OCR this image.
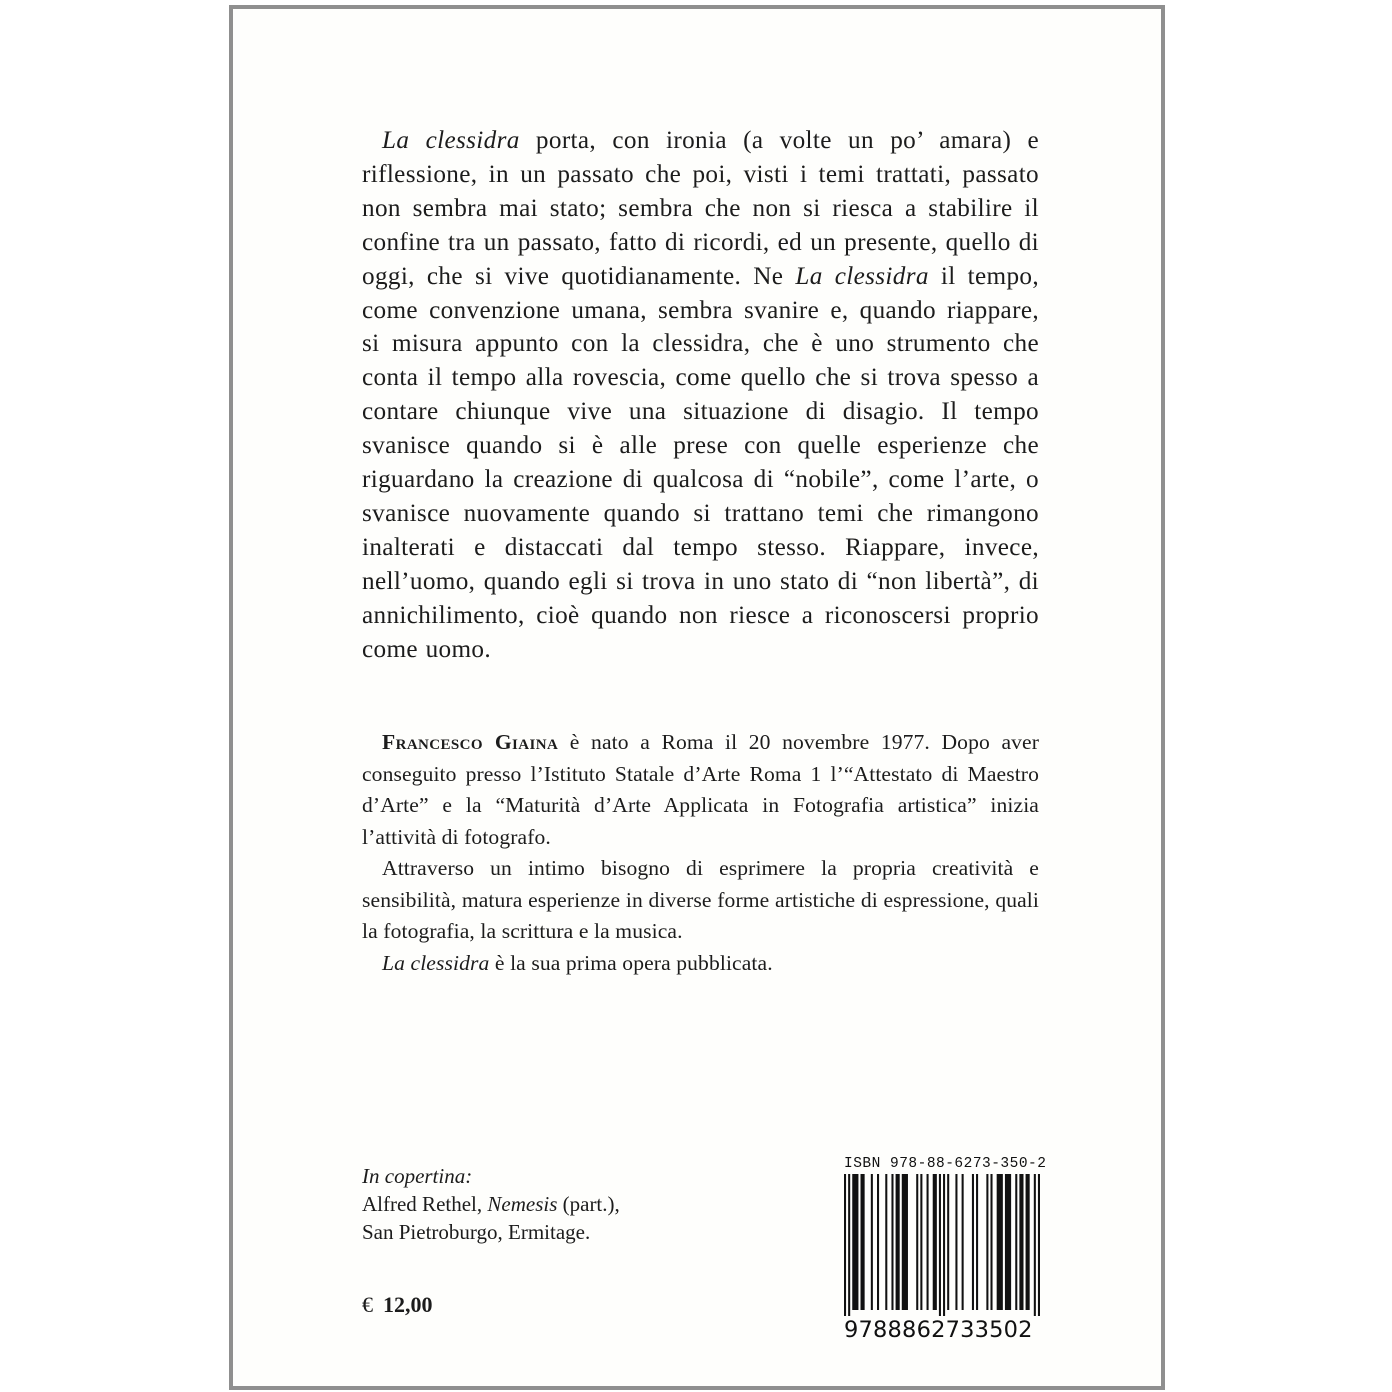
La clessidra porta, con ironia (a volte un po’ amara) e riflessione, in un passato che poi, visti i temi trattati, passato non sembra mai stato; sembra che non si riesca a stabilire il confine tra un passato, fatto di ricordi, ed un presente, quello di oggi, che si vive quotidianamente. Ne La clessidra il tempo, come convenzione umana, sembra svanire e, quando riappare, si misura appunto con la clessidra, che è uno strumento che conta il tempo alla rovescia, come quello che si trova spesso a contare chiunque vive una situazione di disagio. Il tempo svanisce quando si è alle prese con quelle esperienze che riguardano la creazione di qualcosa di “nobile”, come l’arte, o svanisce nuovamente quando si trattano temi che rimangono inalterati e distaccati dal tempo stesso. Riappare, invece, nell’uomo, quando egli si trova in uno stato di “non libertà”, di annichilimento, cioè quando non riesce a riconoscersi proprio come uomo.

Francesco Giaina è nato a Roma il 20 novembre 1977. Dopo aver conseguito presso l’Istituto Statale d’Arte Roma 1 l’“Attestato di Maestro d’Arte” e la “Maturità d’Arte Applicata in Fotografia artistica” inizia l’attività di fotografo.

Attraverso un intimo bisogno di esprimere la propria creatività e sensibilità, matura esperienze in diverse forme artistiche di espressione, quali la fotografia, la scrittura e la musica.

La clessidra è la sua prima opera pubblicata.

In copertina:
Alfred Rethel, Nemesis (part.),
San Pietroburgo, Ermitage.
€ 12,00
ISBN 978-88-6273-350-2
9788862733502
